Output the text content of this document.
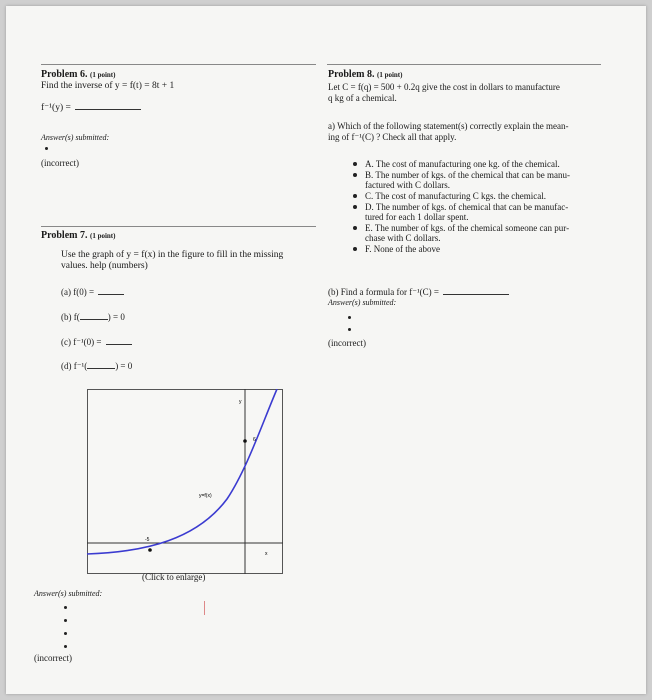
Problem 6. (1 point)
Find the inverse of y = f(t) = 8t + 1
f⁻¹(y) =
Answer(s) submitted:
(incorrect)
Problem 7. (1 point)
Use the graph of y = f(x) in the figure to fill in the missing
values. help (numbers)
(a) f(0) =
(b) f(	) = 0
(c) f⁻¹(0) =
(d) f⁻¹(	) = 0
y
y=f(x)
6
-5
x
(Click to enlarge)
Answer(s) submitted:
(incorrect)
Problem 8. (1 point)
Let C = f(q) = 500 + 0.2q give the cost in dollars to manufacture
q kg of a chemical.
a) Which of the following statement(s) correctly explain the mean-
ing of f⁻¹(C) ? Check all that apply.
A. The cost of manufacturing one kg. of the chemical.
B. The number of kgs. of the chemical that can be manu-
factured with C dollars.
C. The cost of manufacturing C kgs. the chemical.
D. The number of kgs. of chemical that can be manufac-
tured for each 1 dollar spent.
E. The number of kgs. of the chemical someone can pur-
chase with C dollars.
F. None of the above
(b) Find a formula for f⁻¹(C) =
Answer(s) submitted:
(incorrect)
